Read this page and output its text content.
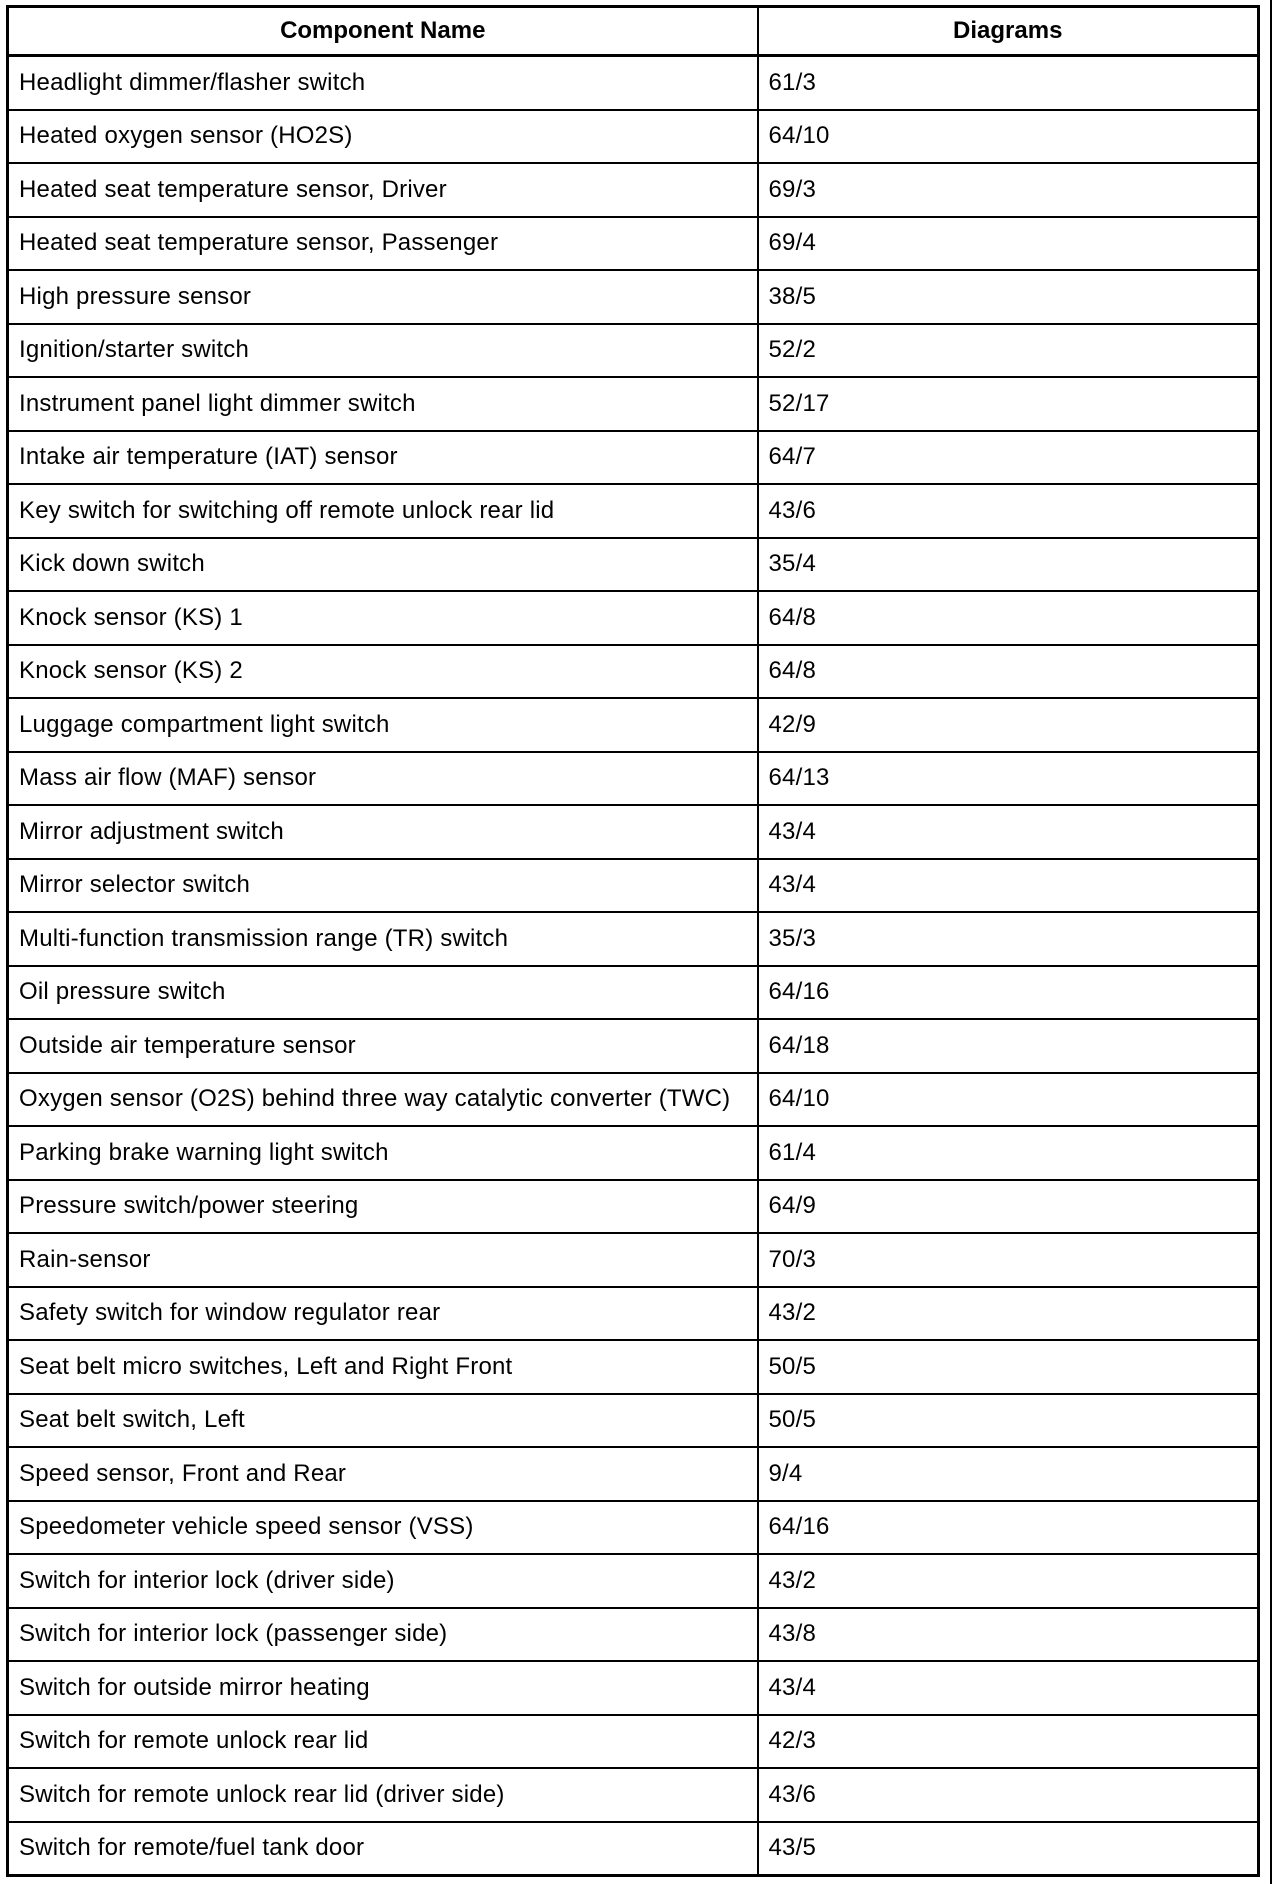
Component Name	Diagrams
Headlight dimmer/flasher switch	61/3
Heated oxygen sensor (HO2S)	64/10
Heated seat temperature sensor, Driver	69/3
Heated seat temperature sensor, Passenger	69/4
High pressure sensor	38/5
Ignition/starter switch	52/2
Instrument panel light dimmer switch	52/17
Intake air temperature (IAT) sensor	64/7
Key switch for switching off remote unlock rear lid	43/6
Kick down switch	35/4
Knock sensor (KS) 1	64/8
Knock sensor (KS) 2	64/8
Luggage compartment light switch	42/9
Mass air flow (MAF) sensor	64/13
Mirror adjustment switch	43/4
Mirror selector switch	43/4
Multi-function transmission range (TR) switch	35/3
Oil pressure switch	64/16
Outside air temperature sensor	64/18
Oxygen sensor (O2S) behind three way catalytic converter (TWC)	64/10
Parking brake warning light switch	61/4
Pressure switch/power steering	64/9
Rain-sensor	70/3
Safety switch for window regulator rear	43/2
Seat belt micro switches, Left and Right Front	50/5
Seat belt switch, Left	50/5
Speed sensor, Front and Rear	9/4
Speedometer vehicle speed sensor (VSS)	64/16
Switch for interior lock (driver side)	43/2
Switch for interior lock (passenger side)	43/8
Switch for outside mirror heating	43/4
Switch for remote unlock rear lid	42/3
Switch for remote unlock rear lid (driver side)	43/6
Switch for remote/fuel tank door	43/5
